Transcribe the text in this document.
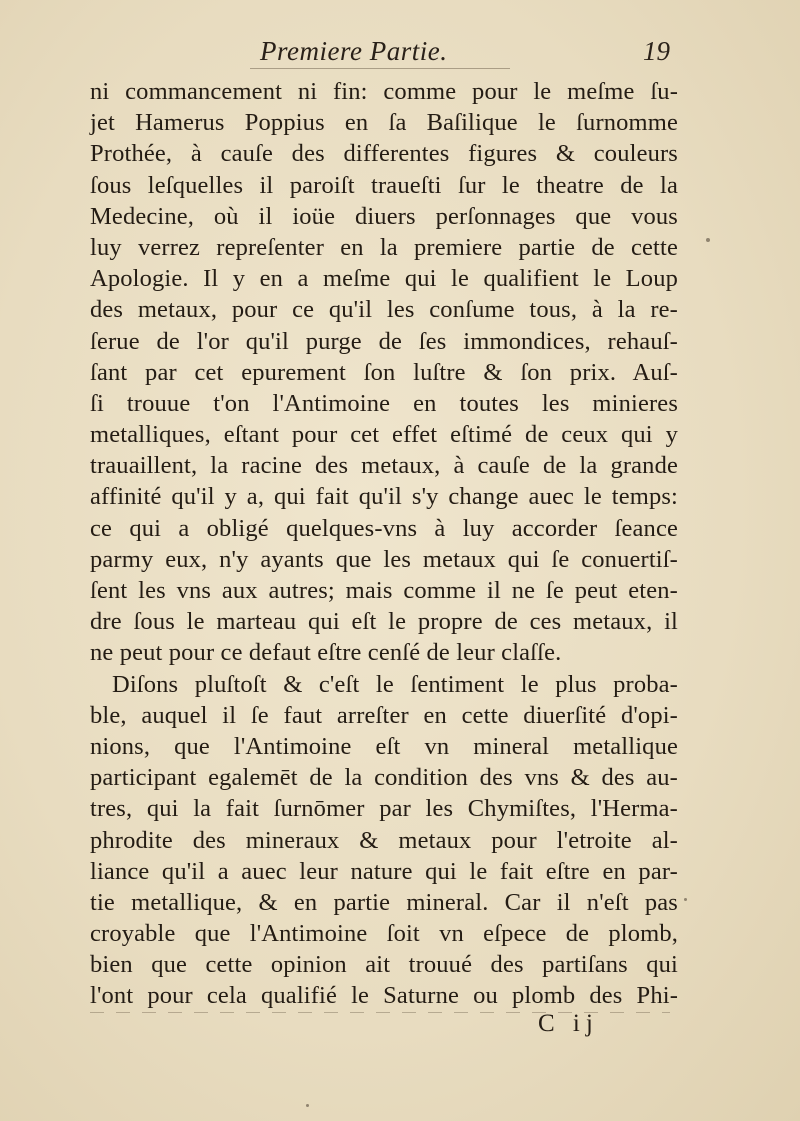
Premiere Partie.	19
ni commancement ni fin: comme pour le meſme ſu-
jet Hamerus Poppius en ſa Baſilique le ſurnomme
Prothée, à cauſe des differentes figures & couleurs
ſous leſquelles il paroiſt traueſti ſur le theatre de la
Medecine, où il ioüe diuers perſonnages que vous
luy verrez repreſenter en la premiere partie de cette
Apologie. Il y en a meſme qui le qualifient le Loup
des metaux, pour ce qu'il les conſume tous, à la re-
ſerue de l'or qu'il purge de ſes immondices, rehauſ-
ſant par cet epurement ſon luſtre & ſon prix. Auſ-
ſi trouue t'on l'Antimoine en toutes les minieres
metalliques, eſtant pour cet effet eſtimé de ceux qui y
trauaillent, la racine des metaux, à cauſe de la grande
affinité qu'il y a, qui fait qu'il s'y change auec le temps:
ce qui a obligé quelques-vns à luy accorder ſeance
parmy eux, n'y ayants que les metaux qui ſe conuertiſ-
ſent les vns aux autres; mais comme il ne ſe peut eten-
dre ſous le marteau qui eſt le propre de ces metaux, il
ne peut pour ce defaut eſtre cenſé de leur claſſe.
Diſons pluſtoſt & c'eſt le ſentiment le plus proba-
ble, auquel il ſe faut arreſter en cette diuerſité d'opi-
nions, que l'Antimoine eſt vn mineral metallique
participant egalemēt de la condition des vns & des au-
tres, qui la fait ſurnōmer par les Chymiſtes, l'Herma-
phrodite des mineraux & metaux pour l'etroite al-
liance qu'il a auec leur nature qui le fait eſtre en par-
tie metallique, & en partie mineral. Car il n'eſt pas
croyable que l'Antimoine ſoit vn eſpece de plomb,
bien que cette opinion ait trouué des partiſans qui
l'ont pour cela qualifié le Saturne ou plomb des Phi-
C ij
